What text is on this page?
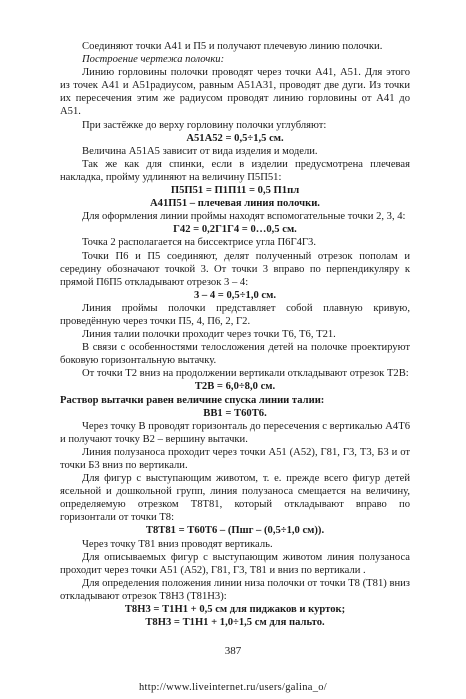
Соединяют точки А41 и П5 и получают плечевую линию полочки.

Построение чертежа полочки:

Линию горловины полочки проводят через точки А41, А51. Для этого из точек А41 и А51радиусом, равным А51А31, проводят две дуги. Из точки их пересечения этим же радиусом проводят линию горловины от А41 до А51.

При застёжке до верху горловину полочки углубляют:

А51А52 = 0,5÷1,5 см.

Величина А51А5 зависит от вида изделия и модели.

Так же как для спинки, если в изделии предусмотрена плечевая накладка, пройму удлиняют на величину П5П51:

П5П51 = П1П11 = 0,5 П1пл

А41П51 – плечевая линия полочки.

Для оформления линии проймы находят вспомогательные точки 2, 3, 4:

Г42 = 0,2Г1Г4 = 0…0,5 см.

Точка 2 располагается на биссектрисе угла П6Г4Г3.

Точки П6 и П5 соединяют, делят полученный отрезок пополам и середину обозначают точкой 3. От точки 3 вправо по перпендикуляру к прямой П6П5 откладывают отрезок 3 – 4:

3 – 4 = 0,5÷1,0 см.

Линия проймы полочки представляет собой плавную кривую, проведённую через точки П5, 4, П6, 2, Г2.

Линия талии полочки проходит через точки Т6, Т6, Т21.

В связи с особенностями телосложения детей на полочке проектируют боковую горизонтальную вытачку.

От точки Т2 вниз на продолжении вертикали откладывают отрезок Т2В:

Т2В = 6,0÷8,0 см.

Раствор вытачки равен величине спуска линии талии:

ВВ1 = Т60Т6.

Через точку В проводят горизонталь до пересечения с вертикалью А4Т6 и получают точку В2 – вершину вытачки.

Линия полузаноса проходит через точки А51 (А52), Г81, Г3, Т3, Б3 и от точки Б3 вниз по вертикали.

Для фигур с выступающим животом, т. е. прежде всего фигур детей ясельной и дошкольной групп, линия полузаноса смещается на величину, определяемую отрезком Т8Т81, который откладывают вправо по горизонтали от точки Т8:

Т8Т81 = Т60Т6 – (Пшг – (0,5÷1,0 см)).

Через точку Т81 вниз проводят вертикаль.

Для описываемых фигур с выступающим животом линия полузаноса проходит через точки А51 (А52), Г81, Г3, Т81 и вниз по вертикали .

Для определения положения линии низа полочки от точки Т8 (Т81) вниз откладывают отрезок Т8Н3 (Т81Н3):

Т8Н3 = Т1Н1 + 0,5 см для пиджаков и курток;

Т8Н3 = Т1Н1 + 1,0÷1,5 см для пальто.

387
http://www.liveinternet.ru/users/galina_o/
